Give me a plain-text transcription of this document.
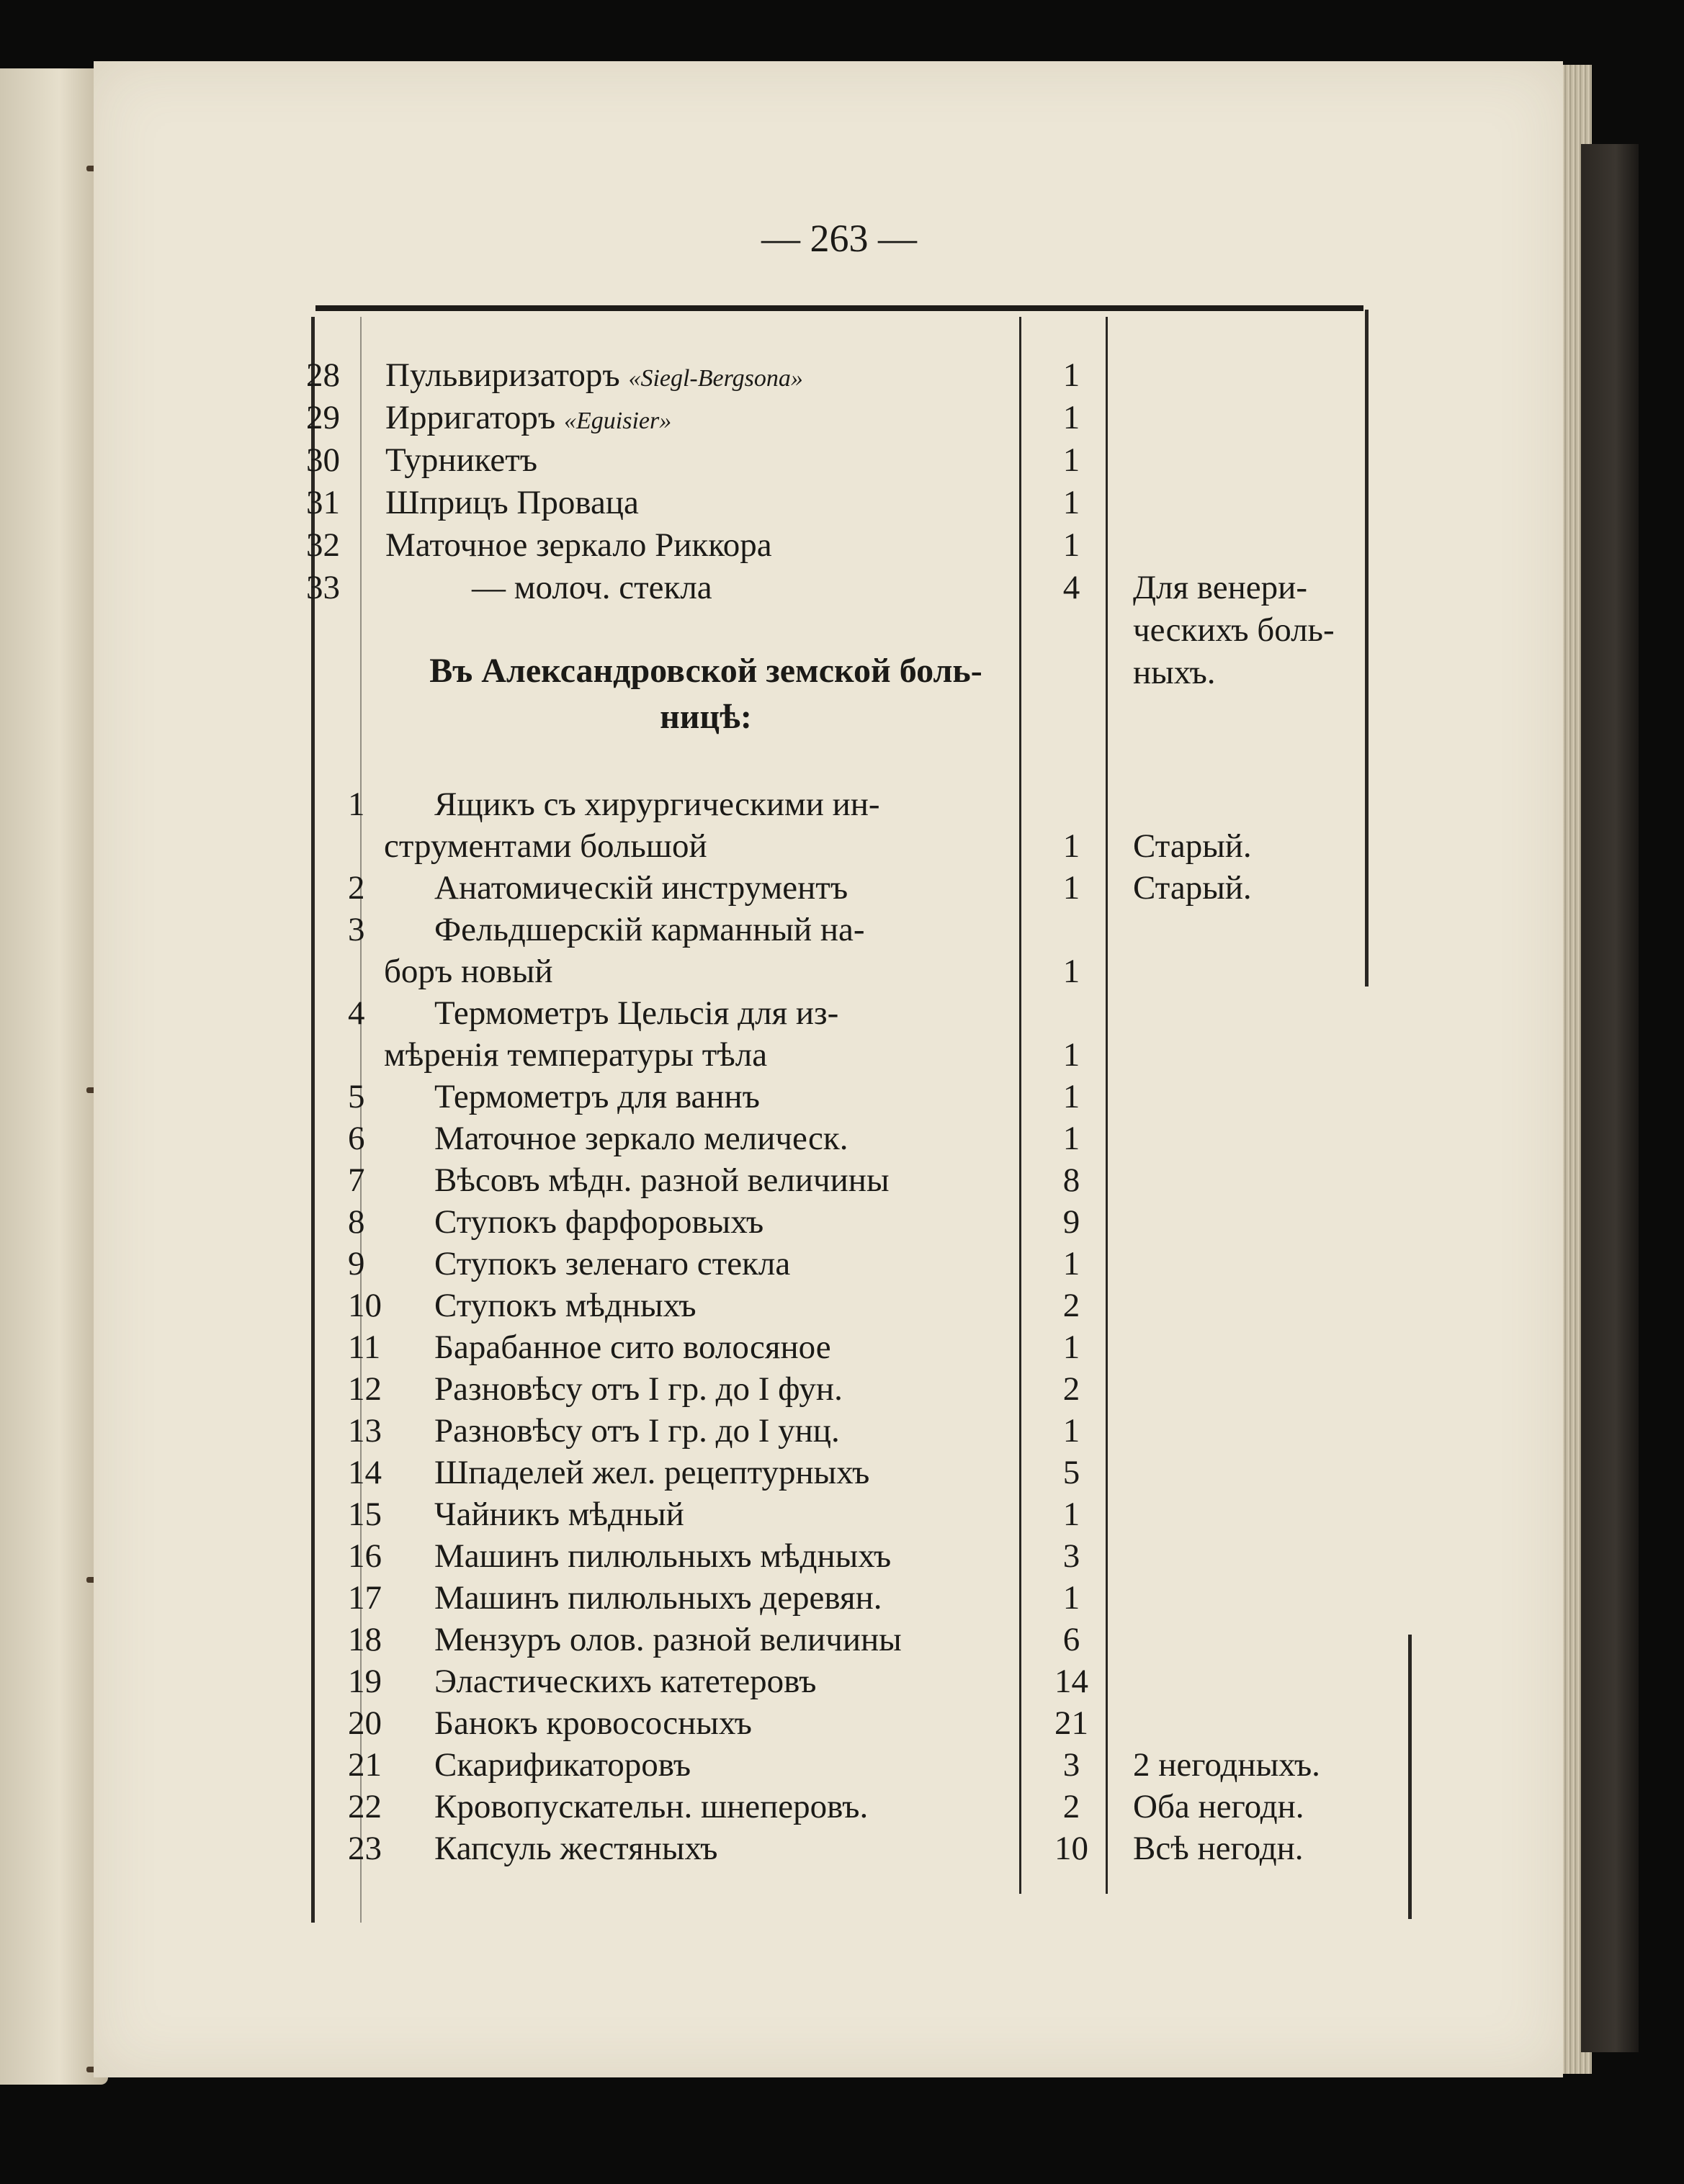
— 263 —
28	Пульвиризаторъ «Siegl-Bergsona»	1
29	Ирригаторъ «Eguisier»	1
30	Турникетъ	1
31	Шприцъ Провацa	1
32	Маточное зеркало Риккора	1
33	— молоч. стекла	4	Для венери-
ческихъ боль-
ныхъ.
Въ Александровской земской боль-
ницѣ:
1	Ящикъ съ хирургическими ин-
струментами большой	1	Старый.
2	Анатомическій инструментъ	1	Старый.
3	Фельдшерскій карманный на-
боръ новый	1
4	Термометръ Цельсія для из-
мѣренія температуры тѣла	1
5	Термометръ для ваннъ	1
6	Маточное зеркало мелическ.	1
7	Вѣсовъ мѣдн. разной величины	8
8	Ступокъ фарфоровыхъ	9
9	Ступокъ зеленаго стекла	1
10	Ступокъ мѣдныхъ	2
11	Барабанное сито волосяное	1
12	Разновѣсу отъ I гр. до I фун.	2
13	Разновѣсу отъ I гр. до I унц.	1
14	Шпаделей жел. рецептурныхъ	5
15	Чайникъ мѣдный	1
16	Машинъ пилюльныхъ мѣдныхъ	3
17	Машинъ пилюльныхъ деревян.	1
18	Мензуръ олов. разной величины	6
19	Эластическихъ катетеровъ	14
20	Банокъ кровососныхъ	21
21	Скарификаторовъ	3	2 негодныхъ.
22	Кровопускательн. шнеперовъ.	2	Оба негодн.
23	Капсуль жестяныхъ	10	Всѣ негодн.
